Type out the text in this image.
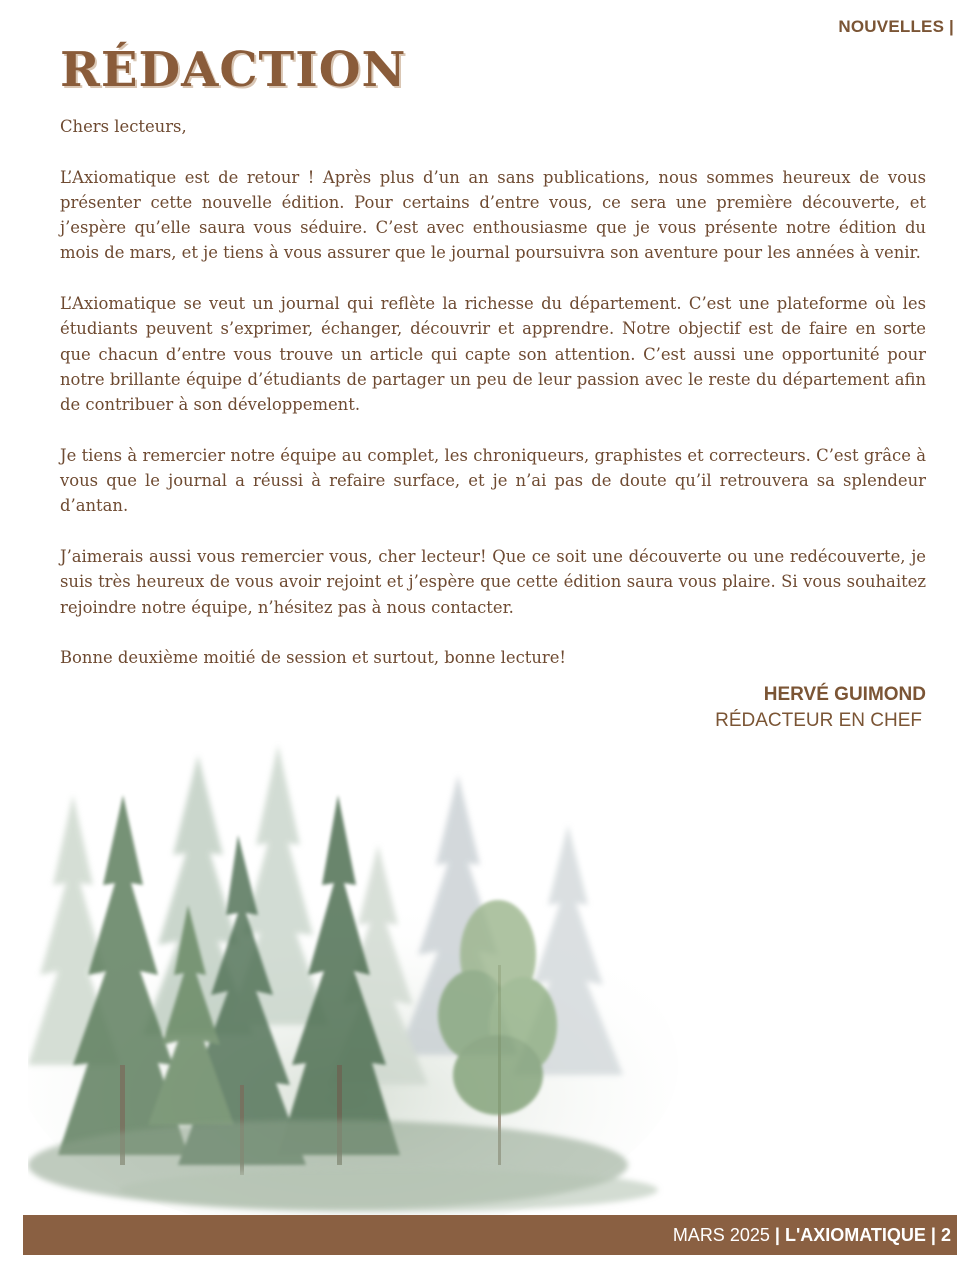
NOUVELLES |
RÉDACTION

Chers lecteurs,

L’Axiomatique est de retour ! Après plus d’un an sans publications, nous sommes heureux de vous présenter cette nouvelle édition. Pour certains d’entre vous, ce sera une première découverte, et j’espère qu’elle saura vous séduire. C’est avec enthousiasme que je vous présente notre édition du mois de mars, et je tiens à vous assurer que le journal poursuivra son aventure pour les années à venir.

L’Axiomatique se veut un journal qui reflète la richesse du département. C’est une plateforme où les étudiants peuvent s’exprimer, échanger, découvrir et apprendre. Notre objectif est de faire en sorte que chacun d’entre vous trouve un article qui capte son attention. C’est aussi une opportunité pour notre brillante équipe d’étudiants de partager un peu de leur passion avec le reste du département afin de contribuer à son développement.

Je tiens à remercier notre équipe au complet, les chroniqueurs, graphistes et correcteurs. C’est grâce à vous que le journal a réussi à refaire surface, et je n’ai pas de doute qu’il retrouvera sa splendeur d’antan.

J’aimerais aussi vous remercier vous, cher lecteur! Que ce soit une découverte ou une redécouverte, je suis très heureux de vous avoir rejoint et j’espère que cette édition saura vous plaire. Si vous souhaitez rejoindre notre équipe, n’hésitez pas à nous contacter.

Bonne deuxième moitié de session et surtout, bonne lecture!

HERVÉ GUIMOND
RÉDACTEUR EN CHEF
MARS 2025 | L'AXIOMATIQUE | 2
